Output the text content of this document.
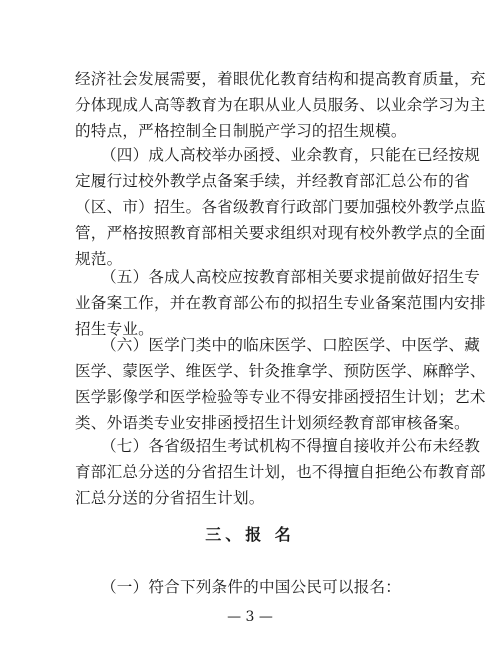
经济社会发展需要，着眼优化教育结构和提高教育质量，充
分体现成人高等教育为在职从业人员服务、以业余学习为主
的特点，严格控制全日制脱产学习的招生规模。
（四）成人高校举办函授、业余教育，只能在已经按规
定履行过校外教学点备案手续，并经教育部汇总公布的省
（区、市）招生。各省级教育行政部门要加强校外教学点监
管，严格按照教育部相关要求组织对现有校外教学点的全面
规范。
（五）各成人高校应按教育部相关要求提前做好招生专
业备案工作，并在教育部公布的拟招生专业备案范围内安排
招生专业。
（六）医学门类中的临床医学、口腔医学、中医学、藏
医学、蒙医学、维医学、针灸推拿学、预防医学、麻醉学、
医学影像学和医学检验等专业不得安排函授招生计划；艺术
类、外语类专业安排函授招生计划须经教育部审核备案。
（七）各省级招生考试机构不得擅自接收并公布未经教
育部汇总分送的分省招生计划，也不得擅自拒绝公布教育部
汇总分送的分省招生计划。
三、报 名
（一）符合下列条件的中国公民可以报名：
— 3 —
